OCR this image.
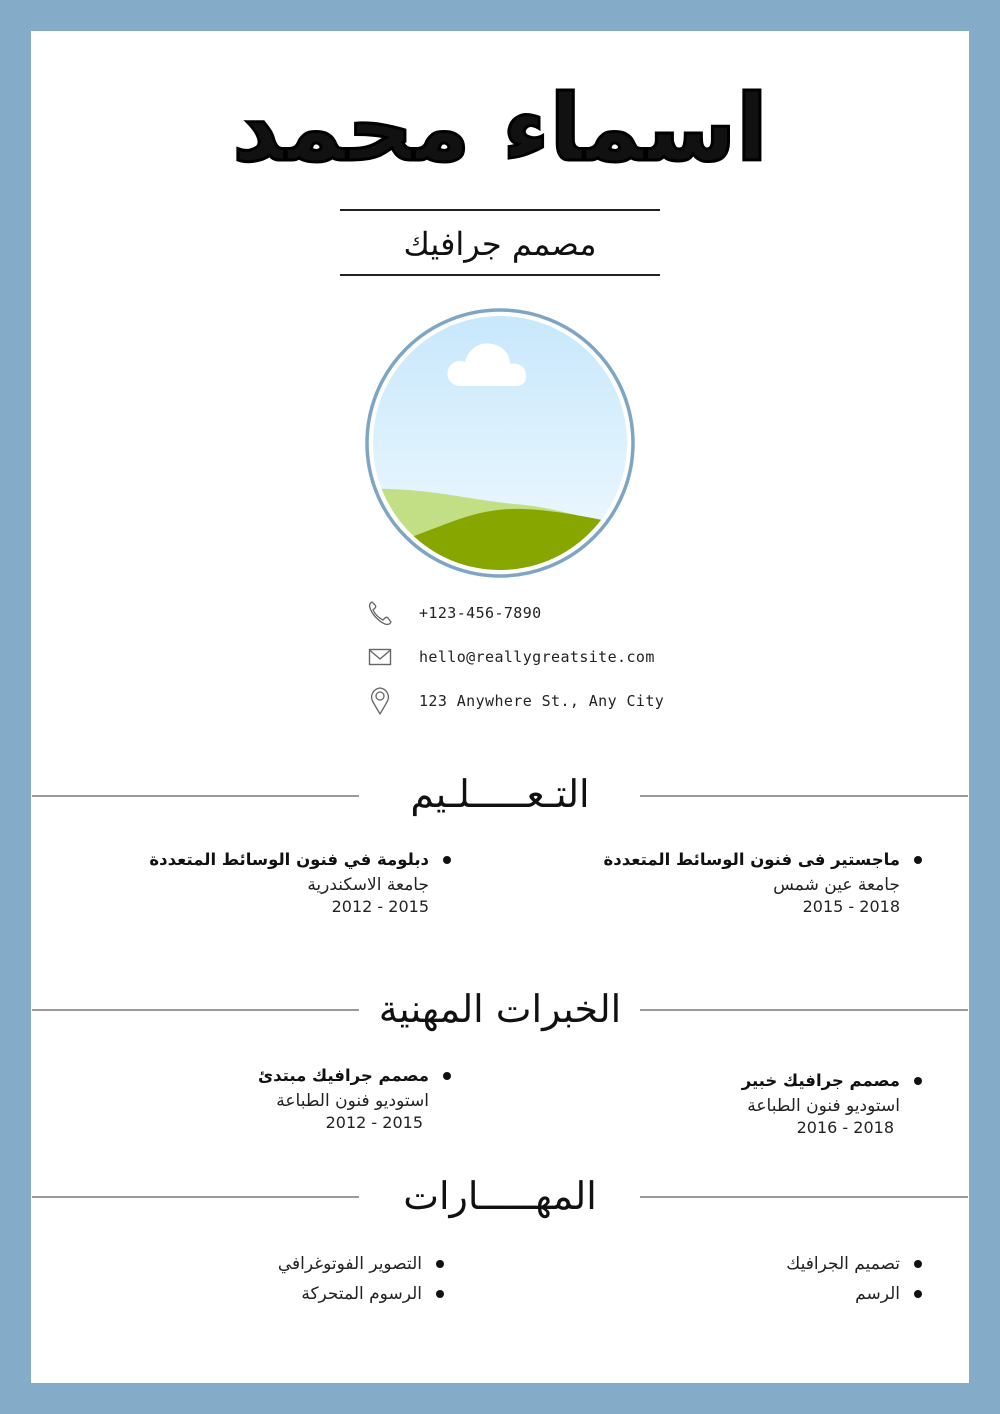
اسماء محمد
مصمم جرافيك
+123-456-7890
hello@reallygreatsite.com
123 Anywhere St., Any City
التـعـــــلـيم
ماجستير فى فنون الوسائط المتعددة
جامعة عين شمس
2015 - 2018
دبلومة في فنون الوسائط المتعددة
جامعة الاسكندرية
2012 - 2015
الخبرات المهنية
مصمم جرافيك خبير
استوديو فنون الطباعة
2016 - 2018
مصمم جرافيك مبتدئ
استوديو فنون الطباعة
2012 - 2015
المهـــــارات
تصميم الجرافيك
الرسم
التصوير الفوتوغرافي
الرسوم المتحركة
